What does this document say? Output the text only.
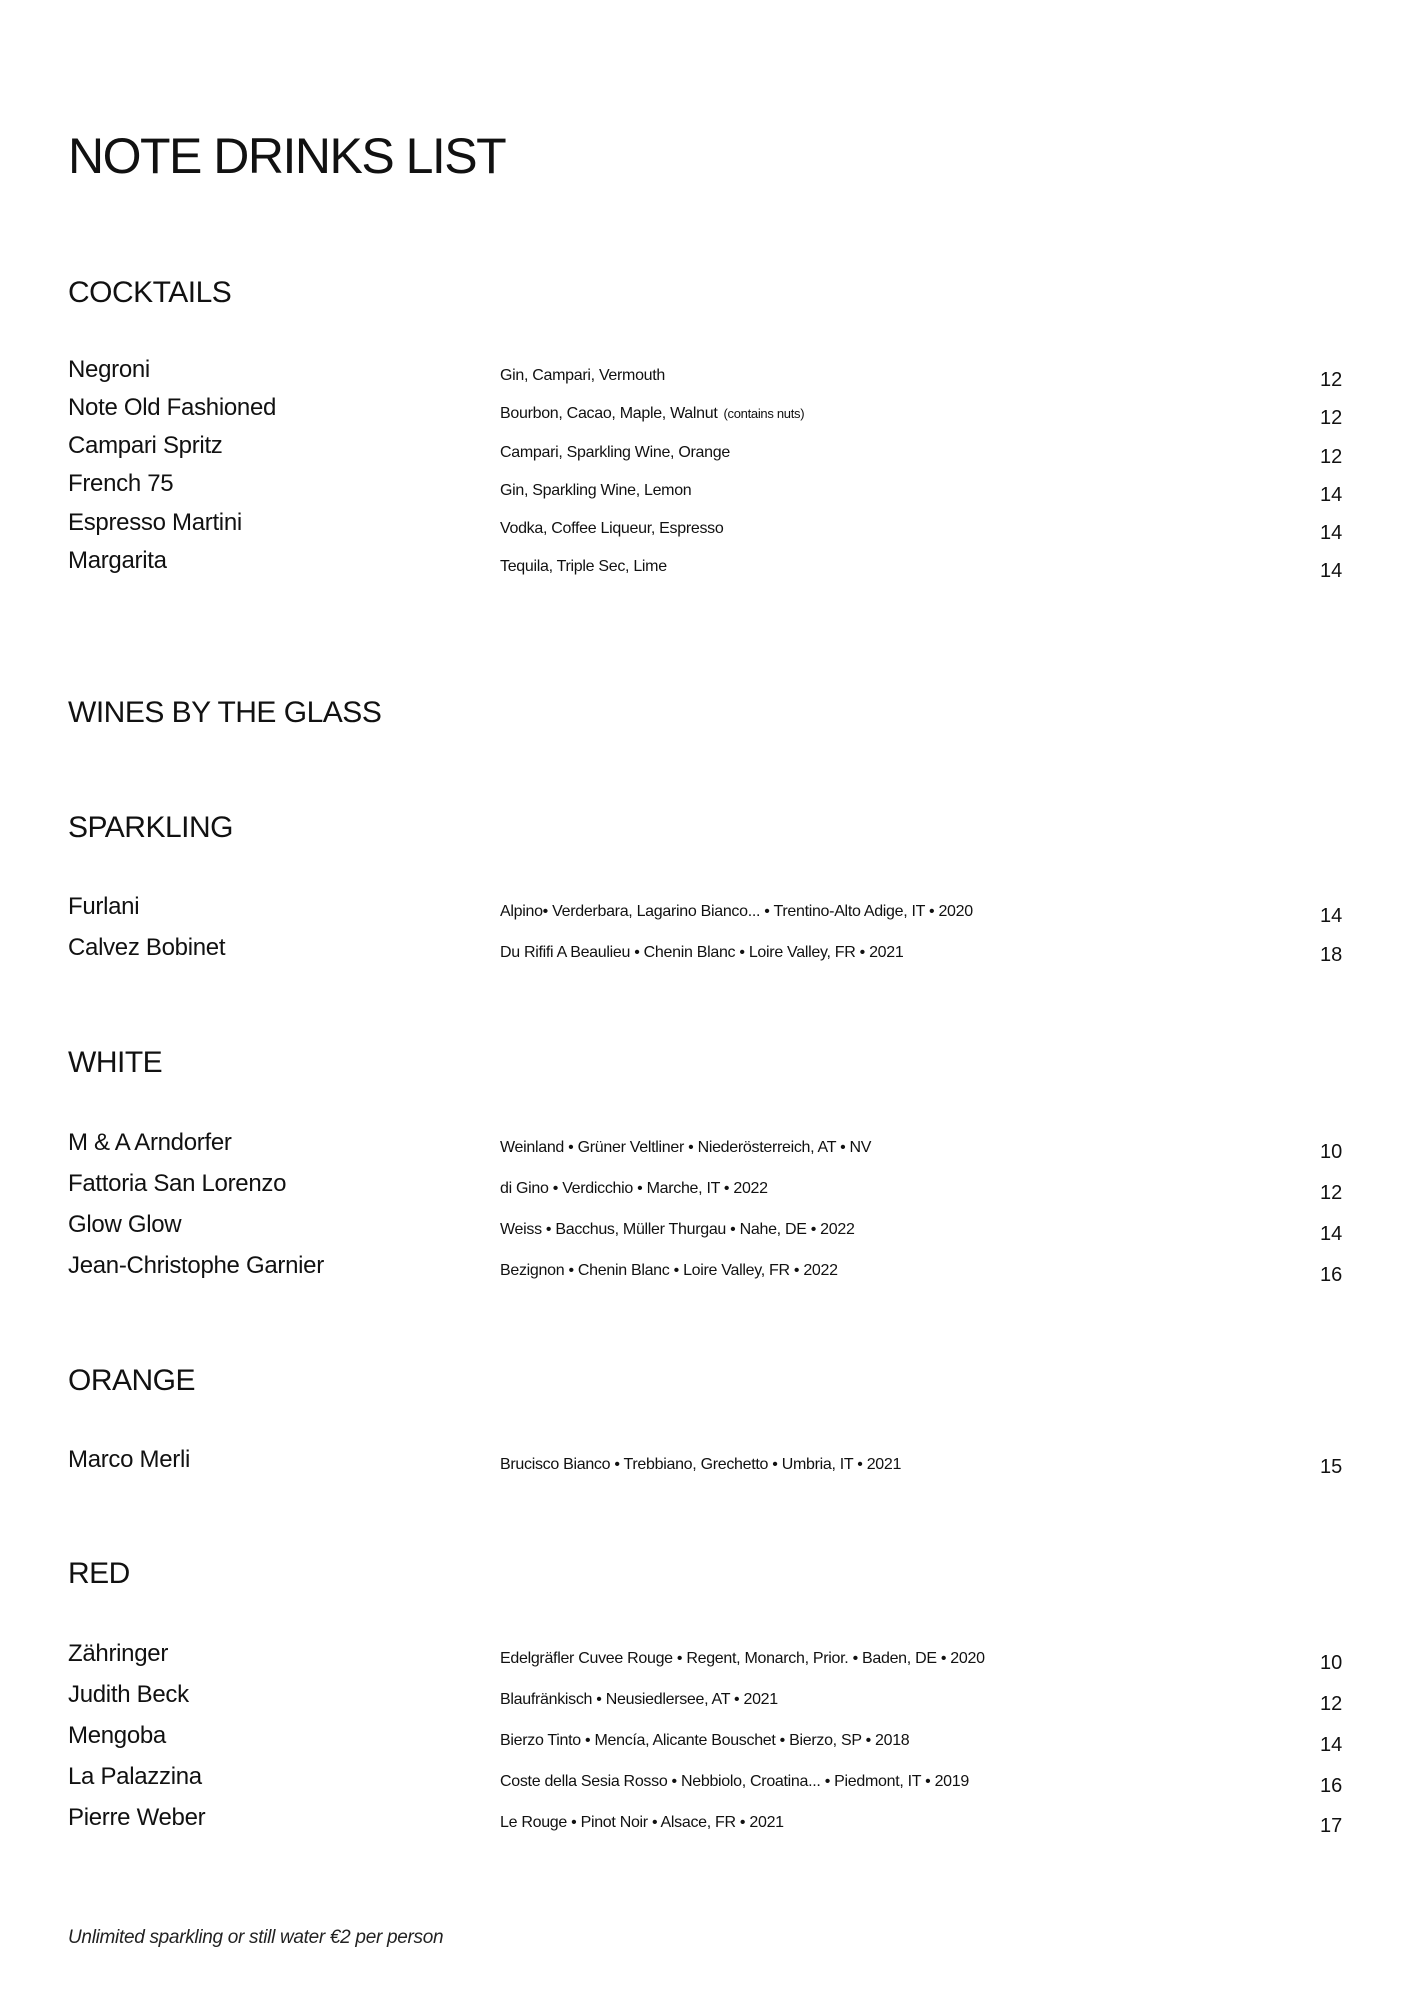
NOTE DRINKS LIST
COCKTAILS
Negroni	Gin, Campari, Vermouth	12
Note Old Fashioned	Bourbon, Cacao, Maple, Walnut (contains nuts)	12
Campari Spritz	Campari, Sparkling Wine, Orange	12
French 75	Gin, Sparkling Wine, Lemon	14
Espresso Martini	Vodka, Coffee Liqueur, Espresso	14
Margarita	Tequila, Triple Sec, Lime	14
WINES BY THE GLASS
SPARKLING
Furlani	Alpino• Verderbara, Lagarino Bianco... • Trentino-Alto Adige, IT • 2020	14
Calvez Bobinet	Du Rififi A Beaulieu • Chenin Blanc • Loire Valley, FR • 2021	18
WHITE
M & A Arndorfer	Weinland • Grüner Veltliner • Niederösterreich, AT • NV	10
Fattoria San Lorenzo	di Gino • Verdicchio • Marche, IT • 2022	12
Glow Glow	Weiss • Bacchus, Müller Thurgau • Nahe, DE • 2022	14
Jean-Christophe Garnier	Bezignon • Chenin Blanc • Loire Valley, FR • 2022	16
ORANGE
Marco Merli	Brucisco Bianco • Trebbiano, Grechetto • Umbria, IT • 2021	15
RED
Zähringer	Edelgräfler Cuvee Rouge • Regent, Monarch, Prior. • Baden, DE • 2020	10
Judith Beck	Blaufränkisch • Neusiedlersee, AT • 2021	12
Mengoba	Bierzo Tinto • Mencía, Alicante Bouschet • Bierzo, SP • 2018	14
La Palazzina	Coste della Sesia Rosso • Nebbiolo, Croatina... • Piedmont, IT • 2019	16
Pierre Weber	Le Rouge • Pinot Noir • Alsace, FR • 2021	17
Unlimited sparkling or still water €2 per person
